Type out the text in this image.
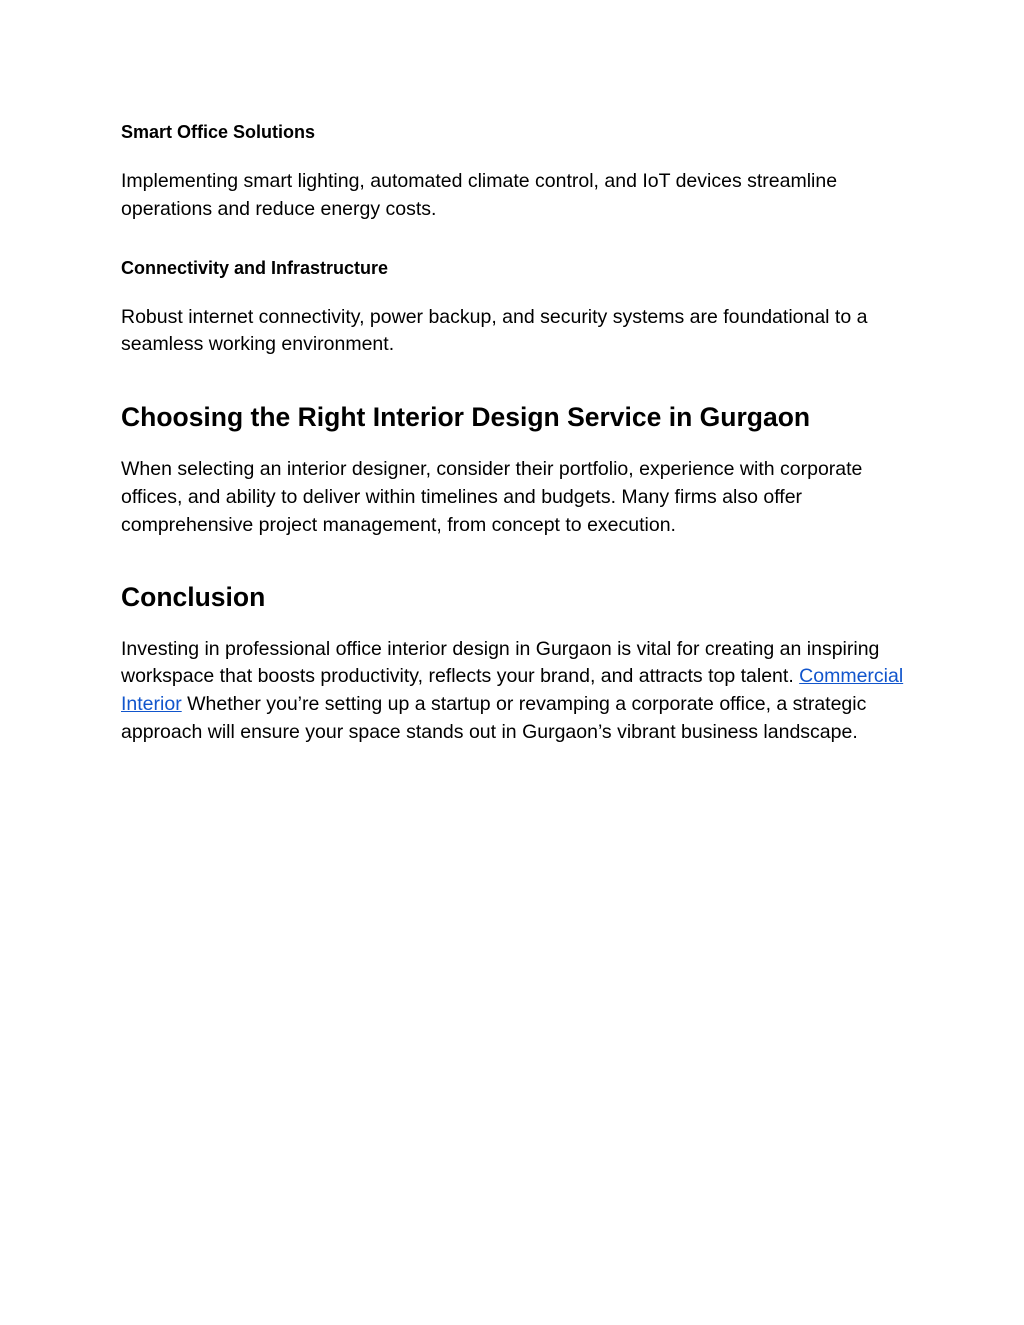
Smart Office Solutions

Implementing smart lighting, automated climate control, and IoT devices streamline operations and reduce energy costs.

Connectivity and Infrastructure

Robust internet connectivity, power backup, and security systems are foundational to a seamless working environment.

Choosing the Right Interior Design Service in Gurgaon

When selecting an interior designer, consider their portfolio, experience with corporate offices, and ability to deliver within timelines and budgets. Many firms also offer comprehensive project management, from concept to execution.

Conclusion

Investing in professional office interior design in Gurgaon is vital for creating an inspiring workspace that boosts productivity, reflects your brand, and attracts top talent. Commercial Interior Whether you’re setting up a startup or revamping a corporate office, a strategic approach will ensure your space stands out in Gurgaon’s vibrant business landscape.
